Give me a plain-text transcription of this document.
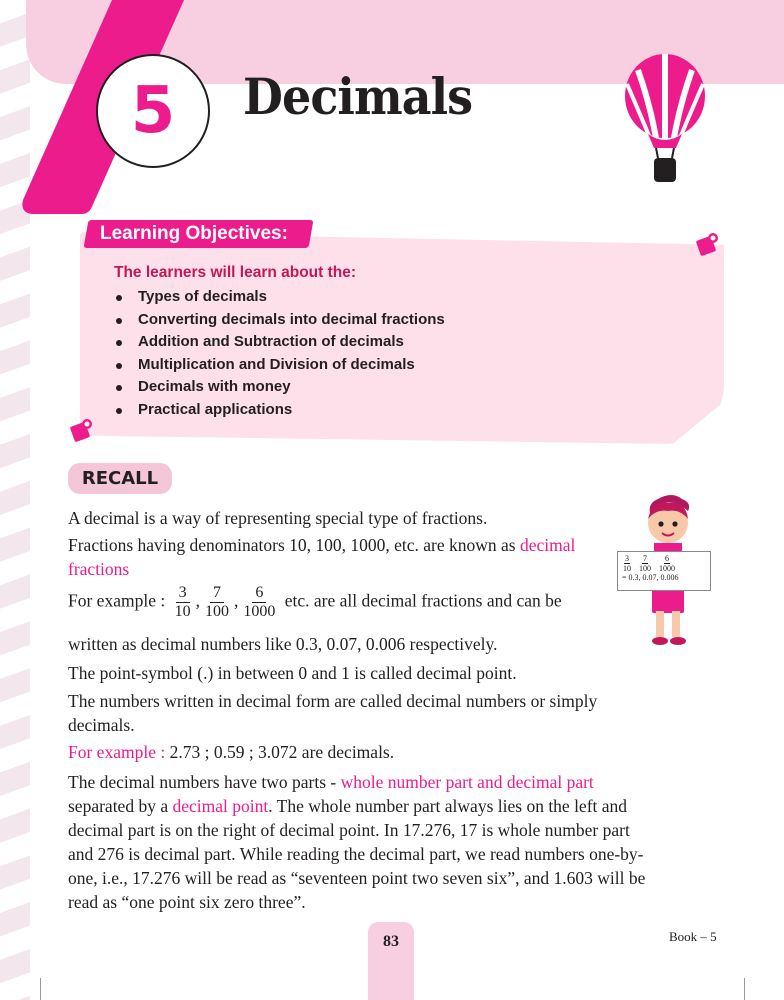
5 Decimals
Learning Objectives:
The learners will learn about the:
Types of decimals
Converting decimals into decimal fractions
Addition and Subtraction of decimals
Multiplication and Division of decimals
Decimals with money
Practical applications
RECALL
A decimal is a way of representing special type of fractions.
Fractions having denominators 10, 100, 1000, etc. are known as decimal
fractions
For example : $\frac{3}{10}$ , $\frac{7}{100}$ , $\frac{6}{1000}$ etc. are all decimal fractions and can be
written as decimal numbers like 0.3, 0.07, 0.006 respectively.
The point-symbol (.) in between 0 and 1 is called decimal point.
The numbers written in decimal form are called decimal numbers or simply
decimals.
For example : 2.73 ; 0.59 ; 3.072 are decimals.
The decimal numbers have two parts - whole number part and decimal part
separated by a decimal point. The whole number part always lies on the left and
decimal part is on the right of decimal point. In 17.276, 17 is whole number part
and 276 is decimal part. While reading the decimal part, we read numbers one-by-
one, i.e., 17.276 will be read as “seventeen point two seven six”, and 1.603 will be
read as “one point six zero three”.
$\frac{3}{10} \frac{7}{100} \frac{6}{1000}$
= 0.3, 0.07, 0.006
83	Book – 5
